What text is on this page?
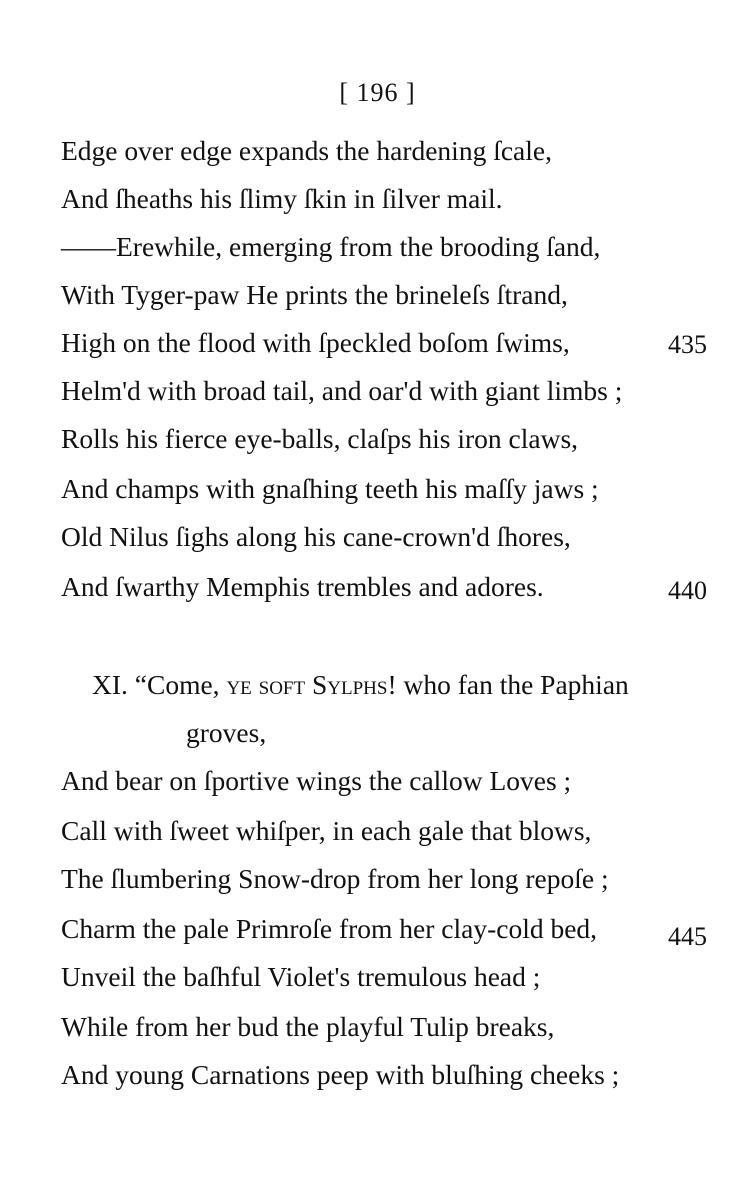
[ 196 ]
Edge over edge expands the hardening ſcale,
And ſheaths his ſlimy ſkin in ſilver mail.
——Erewhile, emerging from the brooding ſand,
With Tyger-paw He prints the brineleſs ſtrand,
High on the flood with ſpeckled boſom ſwims,	435
Helm'd with broad tail, and oar'd with giant limbs ;
Rolls his fierce eye-balls, claſps his iron claws,
And champs with gnaſhing teeth his maſſy jaws ;
Old Nilus ſighs along his cane-crown'd ſhores,
And ſwarthy Memphis trembles and adores.	440
XI. “Come, ye soft Sylphs! who fan the Paphian
groves,
And bear on ſportive wings the callow Loves ;
Call with ſweet whiſper, in each gale that blows,
The ſlumbering Snow-drop from her long repoſe ;
Charm the pale Primroſe from her clay-cold bed,	445
Unveil the baſhful Violet's tremulous head ;
While from her bud the playful Tulip breaks,
And young Carnations peep with bluſhing cheeks ;
